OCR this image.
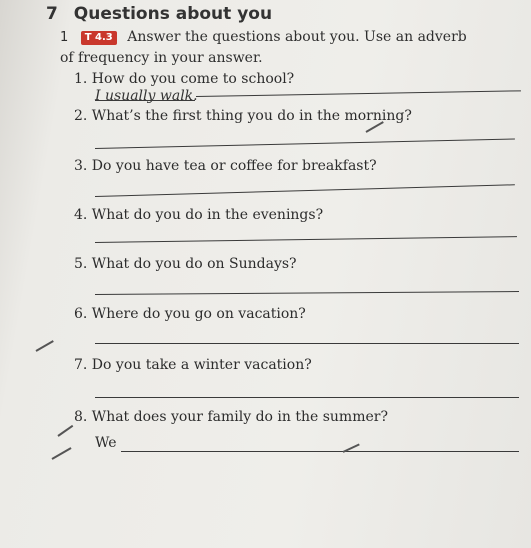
7 Questions about you
1 T 4.3 Answer the questions about you. Use an adverb of frequency in your answer.
1. How do you come to school?
I usually walk.
2. What’s the first thing you do in the morning?
3. Do you have tea or coffee for breakfast?
4. What do you do in the evenings?
5. What do you do on Sundays?
6. Where do you go on vacation?
7. Do you take a winter vacation?
8. What does your family do in the summer?
We
